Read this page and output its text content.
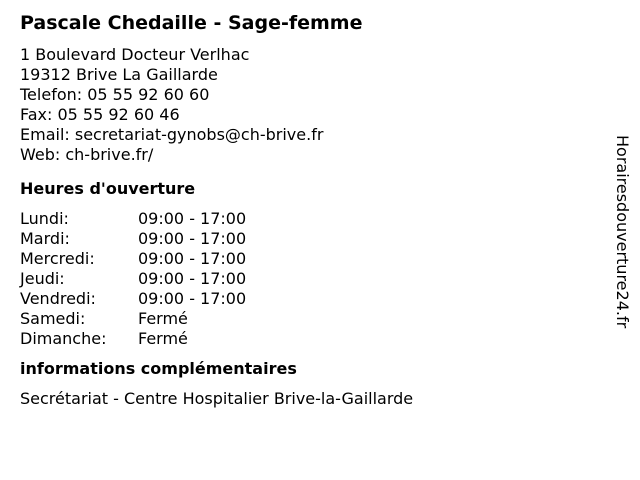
Pascale Chedaille - Sage-femme
1 Boulevard Docteur Verlhac
19312 Brive La Gaillarde
Telefon: 05 55 92 60 60
Fax: 05 55 92 60 46
Email: secretariat-gynobs@ch-brive.fr
Web: ch-brive.fr/
Heures d'ouverture
Lundi:	09:00 - 17:00
Mardi:	09:00 - 17:00
Mercredi:	09:00 - 17:00
Jeudi:	09:00 - 17:00
Vendredi:	09:00 - 17:00
Samedi:	Fermé
Dimanche:	Fermé
informations complémentaires
Secrétariat - Centre Hospitalier Brive-la-Gaillarde
Horairesdouverture24.fr
